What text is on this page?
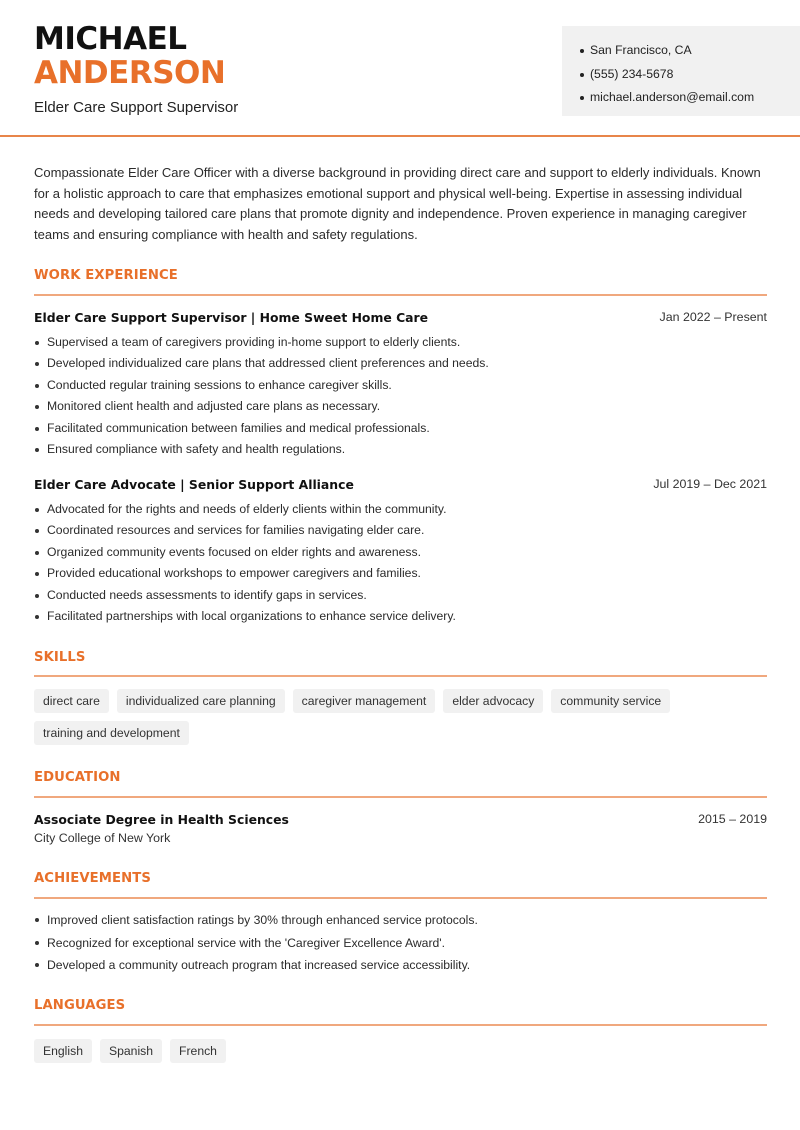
MICHAEL
ANDERSON
Elder Care Support Supervisor
San Francisco, CA
(555) 234-5678
michael.anderson@email.com

Compassionate Elder Care Officer with a diverse background in providing direct care and support to elderly individuals. Known for a holistic approach to care that emphasizes emotional support and physical well-being. Expertise in assessing individual needs and developing tailored care plans that promote dignity and independence. Proven experience in managing caregiver teams and ensuring compliance with health and safety regulations.

WORK EXPERIENCE
Elder Care Support Supervisor | Home Sweet Home Care	Jan 2022 – Present
Supervised a team of caregivers providing in-home support to elderly clients.
Developed individualized care plans that addressed client preferences and needs.
Conducted regular training sessions to enhance caregiver skills.
Monitored client health and adjusted care plans as necessary.
Facilitated communication between families and medical professionals.
Ensured compliance with safety and health regulations.
Elder Care Advocate | Senior Support Alliance	Jul 2019 – Dec 2021
Advocated for the rights and needs of elderly clients within the community.
Coordinated resources and services for families navigating elder care.
Organized community events focused on elder rights and awareness.
Provided educational workshops to empower caregivers and families.
Conducted needs assessments to identify gaps in services.
Facilitated partnerships with local organizations to enhance service delivery.
SKILLS
direct care	individualized care planning	caregiver management	elder advocacy	community service
training and development
EDUCATION
Associate Degree in Health Sciences	2015 – 2019
City College of New York
ACHIEVEMENTS
Improved client satisfaction ratings by 30% through enhanced service protocols.
Recognized for exceptional service with the 'Caregiver Excellence Award'.
Developed a community outreach program that increased service accessibility.
LANGUAGES
English	Spanish	French
